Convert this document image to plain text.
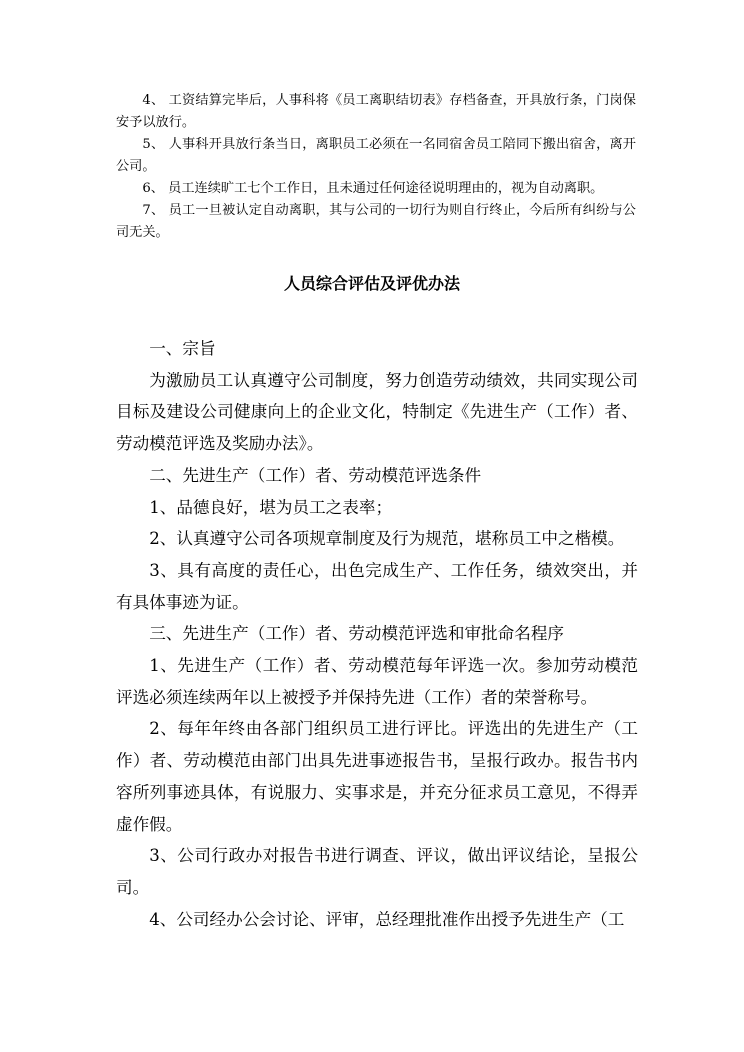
4、 工资结算完毕后，人事科将《员工离职结切表》存档备查，开具放行条，门岗保安予以放行。

5、 人事科开具放行条当日，离职员工必须在一名同宿舍员工陪同下搬出宿舍，离开公司。

6、 员工连续旷工七个工作日，且未通过任何途径说明理由的，视为自动离职。

7、 员工一旦被认定自动离职，其与公司的一切行为则自行终止，今后所有纠纷与公司无关。

人员综合评估及评优办法

一、宗旨

为激励员工认真遵守公司制度，努力创造劳动绩效，共同实现公司目标及建设公司健康向上的企业文化，特制定《先进生产（工作）者、劳动模范评选及奖励办法》。

二、先进生产（工作）者、劳动模范评选条件

1、品德良好，堪为员工之表率；

2、认真遵守公司各项规章制度及行为规范，堪称员工中之楷模。

3、具有高度的责任心，出色完成生产、工作任务，绩效突出，并有具体事迹为证。

三、先进生产（工作）者、劳动模范评选和审批命名程序

1、先进生产（工作）者、劳动模范每年评选一次。参加劳动模范评选必须连续两年以上被授予并保持先进（工作）者的荣誉称号。

2、每年年终由各部门组织员工进行评比。评选出的先进生产（工作）者、劳动模范由部门出具先进事迹报告书，呈报行政办。报告书内容所列事迹具体，有说服力、实事求是，并充分征求员工意见，不得弄虚作假。

3、公司行政办对报告书进行调查、评议，做出评议结论，呈报公司。

4、公司经办公会讨论、评审，总经理批准作出授予先进生产（工
